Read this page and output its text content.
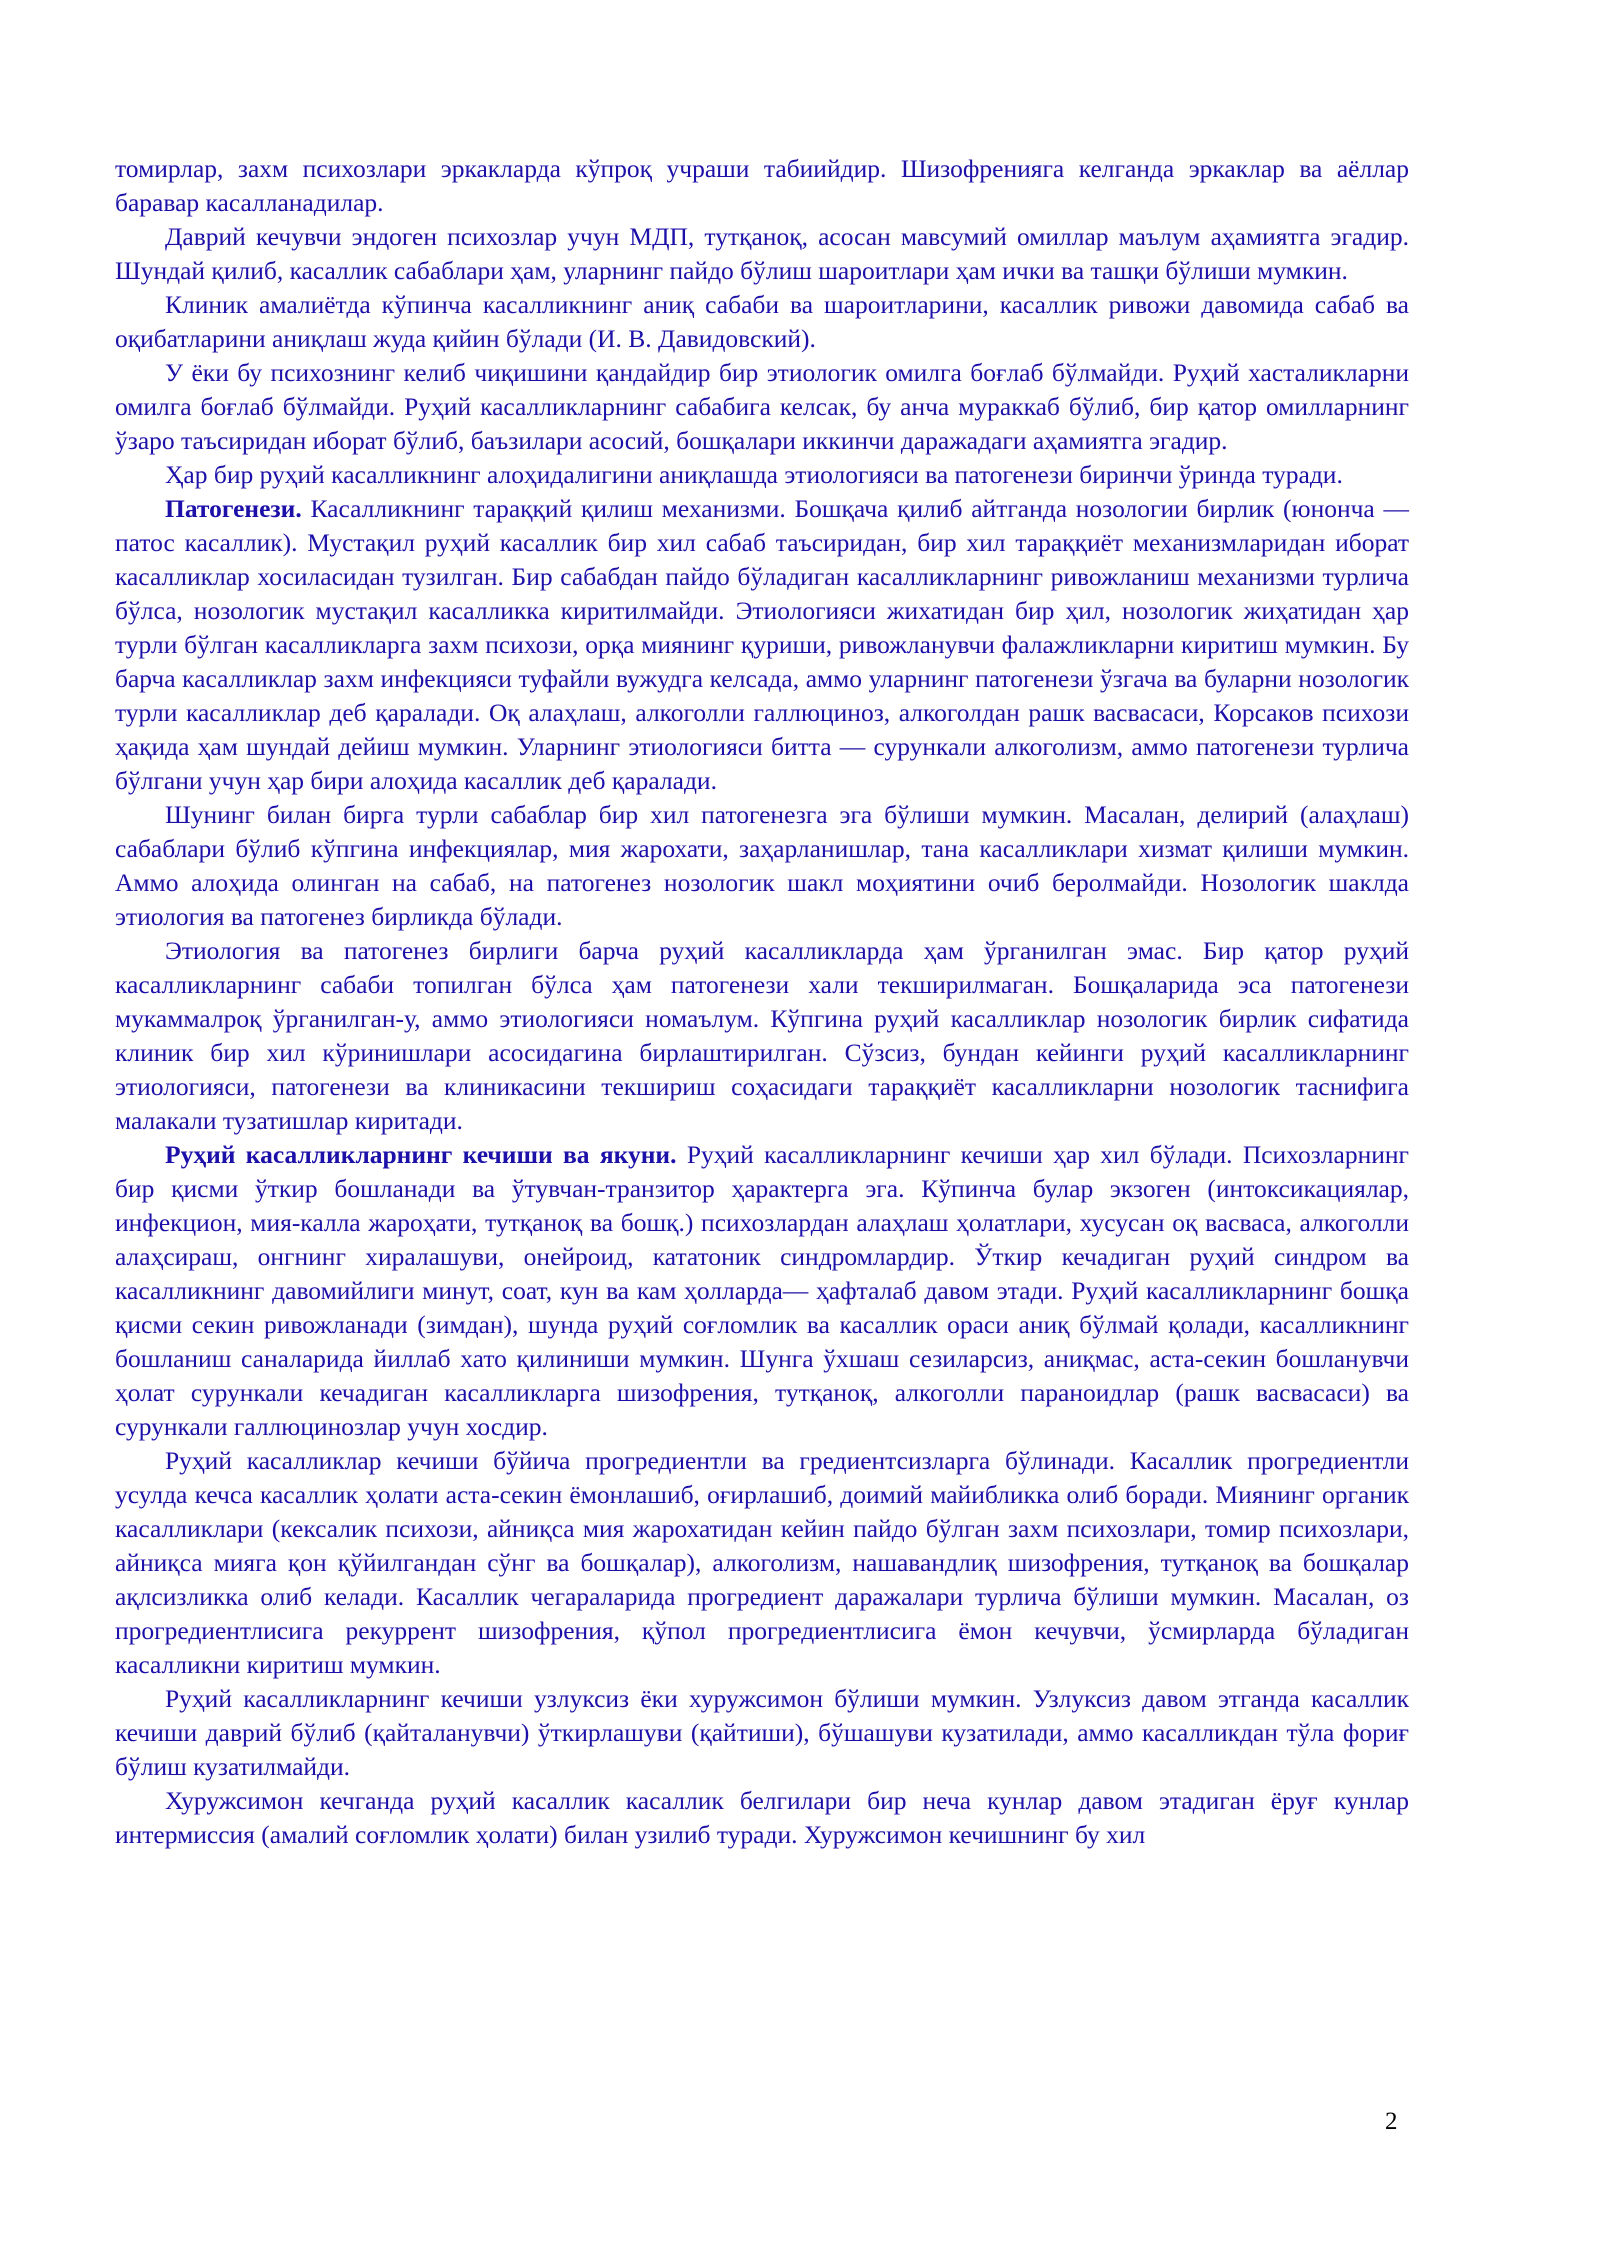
томирлар, захм психозлари эркакларда кўпроқ учраши табиийдир. Шизофренияга келганда эркаклар ва аёллар баравар касалланадилар.

Даврий кечувчи эндоген психозлар учун МДП, тутқаноқ, асосан мавсумий омиллар маълум аҳамиятга эгадир. Шундай қилиб, касаллик сабаблари ҳам, уларнинг пайдо бўлиш шароитлари ҳам ички ва ташқи бўлиши мумкин.

Клиник амалиётда кўпинча касалликнинг аниқ сабаби ва шароитларини, касаллик ривожи давомида сабаб ва оқибатларини аниқлаш жуда қийин бўлади (И. В. Давидовский).

У ёки бу психознинг келиб чиқишини қандайдир бир этиологик омилга боғлаб бўлмайди. Руҳий хасталикларни омилга боғлаб бўлмайди. Руҳий касалликларнинг сабабига келсак, бу анча мураккаб бўлиб, бир қатор омилларнинг ўзаро таъсиридан иборат бўлиб, баъзилари асосий, бошқалари иккинчи даражадаги аҳамиятга эгадир.

Ҳар бир руҳий касалликнинг алоҳидалигини аниқлашда этиологияси ва патогенези биринчи ўринда туради.

Патогенези. Касалликнинг тараққий қилиш механизми. Бошқача қилиб айтганда нозологии бирлик (юнонча — патос касаллик). Мустақил руҳий касаллик бир хил сабаб таъсиридан, бир хил тараққиёт механизмларидан иборат касалликлар хосиласидан тузилган. Бир сабабдан пайдо бўладиган касалликларнинг ривожланиш механизми турлича бўлса, нозологик мустақил касалликка киритилмайди. Этиологияси жихатидан бир ҳил, нозологик жиҳатидан ҳар турли бўлган касалликларга захм психози, орқа миянинг қуриши, ривожланувчи фалажликларни киритиш мумкин. Бу барча касалликлар захм инфекцияси туфайли вужудга келсада, аммо уларнинг патогенези ўзгача ва буларни нозологик турли касалликлар деб қаралади. Оқ алаҳлаш, алкоголли галлюциноз, алкоголдан рашк васвасаси, Корсаков психози ҳақида ҳам шундай дейиш мумкин. Уларнинг этиологияси битта — сурункали алкоголизм, аммо патогенези турлича бўлгани учун ҳар бири алоҳида касаллик деб қаралади.

Шунинг билан бирга турли сабаблар бир хил патогенезга эга бўлиши мумкин. Масалан, делирий (алаҳлаш) сабаблари бўлиб кўпгина инфекциялар, мия жарохати, заҳарланишлар, тана касалликлари хизмат қилиши мумкин. Аммо алоҳида олинган на сабаб, на патогенез нозологик шакл моҳиятини очиб беролмайди. Нозологик шаклда этиология ва патогенез бирликда бўлади.

Этиология ва патогенез бирлиги барча руҳий касалликларда ҳам ўрганилган эмас. Бир қатор руҳий касалликларнинг сабаби топилган бўлса ҳам патогенези хали текширилмаган. Бошқаларида эса патогенези мукаммалроқ ўрганилган-у, аммо этиологияси номаълум. Кўпгина руҳий касалликлар нозологик бирлик сифатида клиник бир хил кўринишлари асосидагина бирлаштирилган. Сўзсиз, бундан кейинги руҳий касалликларнинг этиологияси, патогенези ва клиникасини текшириш соҳасидаги тараққиёт касалликларни нозологик таснифига малакали тузатишлар киритади.

Руҳий касалликларнинг кечиши ва якуни. Руҳий касалликларнинг кечиши ҳар хил бўлади. Психозларнинг бир қисми ўткир бошланади ва ўтувчан-транзитор ҳарактерга эга. Кўпинча булар экзоген (интоксикациялар, инфекцион, мия-калла жароҳати, тутқаноқ ва бошқ.) психозлардан алаҳлаш ҳолатлари, хусусан оқ васваса, алкоголли алаҳсираш, онгнинг хиралашуви, онейроид, кататоник синдромлардир. Ўткир кечадиган руҳий синдром ва касалликнинг давомийлиги минут, соат, кун ва кам ҳолларда— ҳафталаб давом этади. Руҳий касалликларнинг бошқа қисми секин ривожланади (зимдан), шунда руҳий соғломлик ва касаллик ораси аниқ бўлмай қолади, касалликнинг бошланиш саналарида йиллаб хато қилиниши мумкин. Шунга ўхшаш сезиларсиз, аниқмас, аста-секин бошланувчи ҳолат сурункали кечадиган касалликларга шизофрения, тутқаноқ, алкоголли параноидлар (рашк васвасаси) ва сурункали галлюцинозлар учун хосдир.

Руҳий касалликлар кечиши бўйича прогредиентли ва гредиентсизларга бўлинади. Касаллик прогредиентли усулда кечса касаллик ҳолати аста-секин ёмонлашиб, оғирлашиб, доимий майибликка олиб боради. Миянинг органик касалликлари (кексалик психози, айниқса мия жарохатидан кейин пайдо бўлган захм психозлари, томир психозлари, айниқса мияга қон қўйилгандан сўнг ва бошқалар), алкоголизм, нашавандлиқ шизофрения, тутқаноқ ва бошқалар ақлсизликка олиб келади. Касаллик чегараларида прогредиент даражалари турлича бўлиши мумкин. Масалан, оз прогредиентлисига рекуррент шизофрения, қўпол прогредиентлисига ёмон кечувчи, ўсмирларда бўладиган касалликни киритиш мумкин.

Руҳий касалликларнинг кечиши узлуксиз ёки хуружсимон бўлиши мумкин. Узлуксиз давом этганда касаллик кечиши даврий бўлиб (қайталанувчи) ўткирлашуви (қайтиши), бўшашуви кузатилади, аммо касалликдан тўла фориғ бўлиш кузатилмайди.

Хуружсимон кечганда руҳий касаллик касаллик белгилари бир неча кунлар давом этадиган ёруғ кунлар интермиссия (амалий соғломлик ҳолати) билан узилиб туради. Хуружсимон кечишнинг бу хил

2
